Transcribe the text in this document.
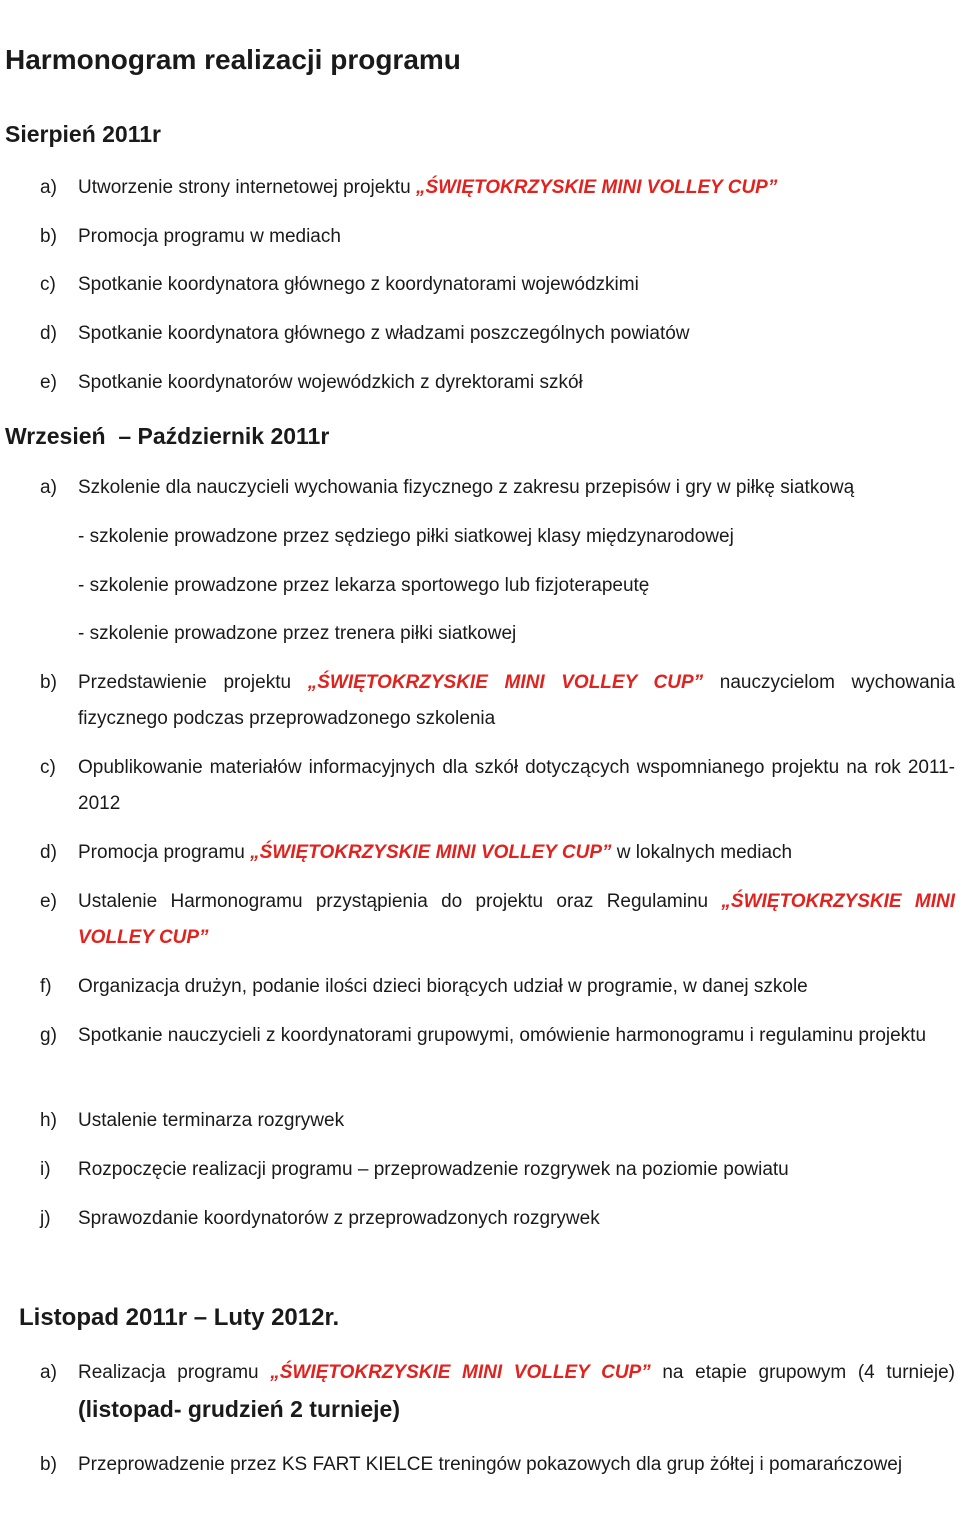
Harmonogram realizacji programu
Sierpień 2011r
a)	Utworzenie strony internetowej projektu „ŚWIĘTOKRZYSKIE MINI VOLLEY CUP”
b)	Promocja programu w mediach
c)	Spotkanie koordynatora głównego z koordynatorami wojewódzkimi
d)	Spotkanie koordynatora głównego z władzami poszczególnych powiatów
e)	Spotkanie koordynatorów wojewódzkich z dyrektorami szkół
Wrzesień  – Październik 2011r
a)	Szkolenie dla nauczycieli wychowania fizycznego z zakresu przepisów i gry w piłkę siatkową
- szkolenie prowadzone przez sędziego piłki siatkowej klasy międzynarodowej
- szkolenie prowadzone przez lekarza sportowego lub fizjoterapeutę
- szkolenie prowadzone przez trenera piłki siatkowej
b)	Przedstawienie projektu „ŚWIĘTOKRZYSKIE MINI VOLLEY CUP” nauczycielom wychowania fizycznego podczas przeprowadzonego szkolenia
c)	Opublikowanie materiałów informacyjnych dla szkół dotyczących wspomnianego projektu na rok 2011-2012
d)	Promocja programu „ŚWIĘTOKRZYSKIE MINI VOLLEY CUP” w lokalnych mediach
e)	Ustalenie Harmonogramu przystąpienia do projektu oraz Regulaminu „ŚWIĘTOKRZYSKIE MINI VOLLEY CUP”
f)	Organizacja drużyn, podanie ilości dzieci biorących udział w programie, w danej szkole
g)	Spotkanie nauczycieli z koordynatorami grupowymi, omówienie harmonogramu i regulaminu projektu
h)	Ustalenie terminarza rozgrywek
i)	Rozpoczęcie realizacji programu – przeprowadzenie rozgrywek na poziomie powiatu
j)	Sprawozdanie koordynatorów z przeprowadzonych rozgrywek
Listopad 2011r – Luty 2012r.
a)	Realizacja programu „ŚWIĘTOKRZYSKIE MINI VOLLEY CUP” na etapie grupowym (4 turnieje) (listopad- grudzień 2 turnieje)
b)	Przeprowadzenie przez KS FART KIELCE treningów pokazowych dla grup żółtej i pomarańczowej
